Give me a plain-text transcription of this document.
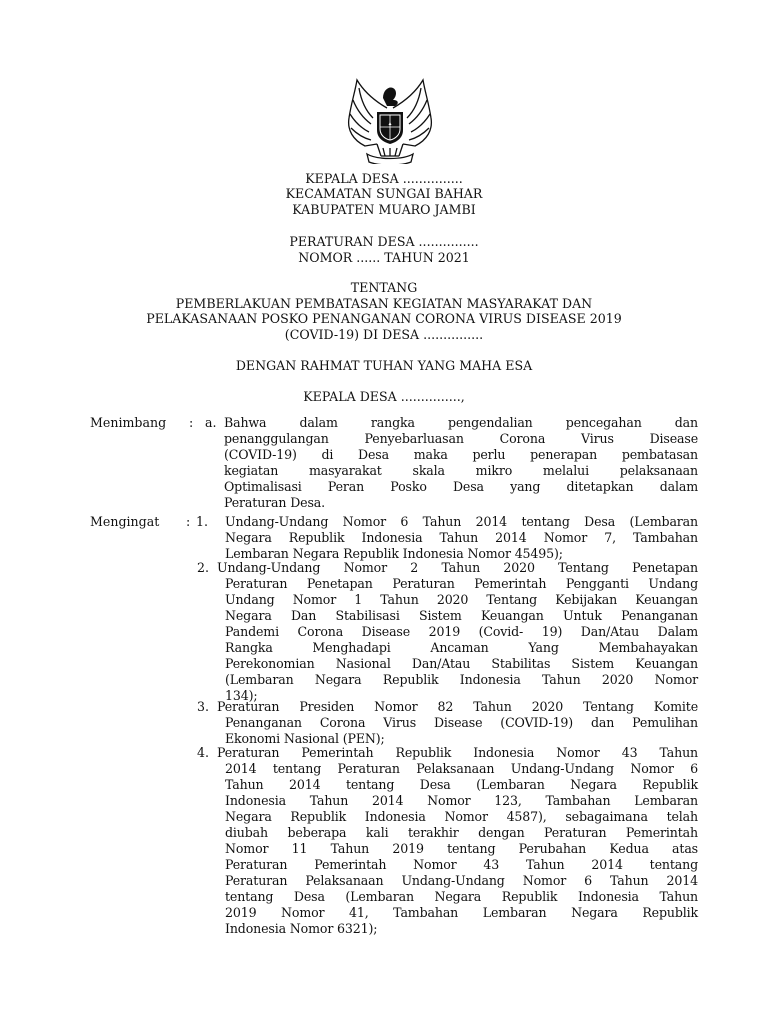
KEPALA DESA ...............
KECAMATAN SUNGAI BAHAR
KABUPATEN MUARO JAMBI
PERATURAN DESA ...............
NOMOR ...... TAHUN 2021
TENTANG
PEMBERLAKUAN PEMBATASAN KEGIATAN MASYARAKAT DAN
PELAKASANAAN POSKO PENANGANAN CORONA VIRUS DISEASE 2019
(COVID-19) DI DESA ...............
DENGAN RAHMAT TUHAN YANG MAHA ESA
KEPALA DESA ...............,
Menimbang : a. Bahwa dalam rangka pengendalian pencegahan dan
penanggulangan Penyebarluasan Corona Virus Disease
(COVID-19) di Desa maka perlu penerapan pembatasan
kegiatan masyarakat skala mikro melalui pelaksanaan
Optimalisasi Peran Posko Desa yang ditetapkan dalam
Peraturan Desa.
Mengingat : 1. Undang-Undang Nomor 6 Tahun 2014 tentang Desa (Lembaran
Negara Republik Indonesia Tahun 2014 Nomor 7, Tambahan
Lembaran Negara Republik Indonesia Nomor 45495);
2. Undang-Undang Nomor 2 Tahun 2020 Tentang Penetapan
Peraturan Penetapan Peraturan Pemerintah Pengganti Undang
Undang Nomor 1 Tahun 2020 Tentang Kebijakan Keuangan
Negara Dan Stabilisasi Sistem Keuangan Untuk Penanganan
Pandemi Corona Disease 2019 (Covid- 19) Dan/Atau Dalam
Rangka Menghadapi Ancaman Yang Membahayakan
Perekonomian Nasional Dan/Atau Stabilitas Sistem Keuangan
(Lembaran Negara Republik Indonesia Tahun 2020 Nomor
134);
3. Peraturan Presiden Nomor 82 Tahun 2020 Tentang Komite
Penanganan Corona Virus Disease (COVID-19) dan Pemulihan
Ekonomi Nasional (PEN);
4. Peraturan Pemerintah Republik Indonesia Nomor 43 Tahun
2014 tentang Peraturan Pelaksanaan Undang-Undang Nomor 6
Tahun 2014 tentang Desa (Lembaran Negara Republik
Indonesia Tahun 2014 Nomor 123, Tambahan Lembaran
Negara Republik Indonesia Nomor 4587), sebagaimana telah
diubah beberapa kali terakhir dengan Peraturan Pemerintah
Nomor 11 Tahun 2019 tentang Perubahan Kedua atas
Peraturan Pemerintah Nomor 43 Tahun 2014 tentang
Peraturan Pelaksanaan Undang-Undang Nomor 6 Tahun 2014
tentang Desa (Lembaran Negara Republik Indonesia Tahun
2019 Nomor 41, Tambahan Lembaran Negara Republik
Indonesia Nomor 6321);
